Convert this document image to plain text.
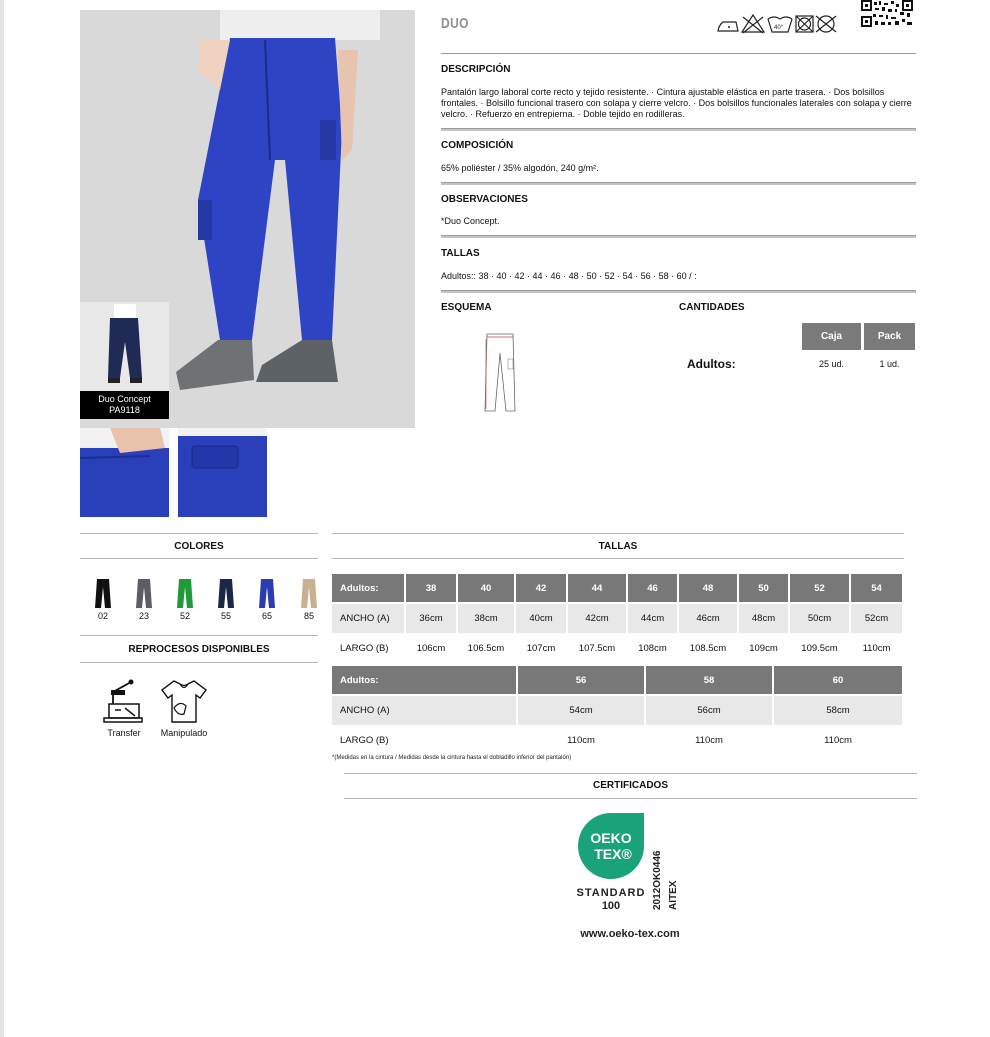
Duo Concept
PA9118
DUO	40°
DESCRIPCIÓN
Pantalón largo laboral corte recto y tejido resistente. · Cintura ajustable elástica en parte trasera. · Dos bolsillos frontales. · Bolsillo funcional trasero con solapa y cierre velcro. · Dos bolsillos funcionales laterales con solapa y cierre velcro. · Refuerzo en entrepierna. · Doble tejido en rodilleras.
COMPOSICIÓN
65% poliéster / 35% algodón, 240 g/m².
OBSERVACIONES
*Duo Concept.
TALLAS
Adultos:: 38 · 40 · 42 · 44 · 46 · 48 · 50 · 52 · 54 · 56 · 58 · 60 / :
ESQUEMA	CANTIDADES
Caja	Pack
Adultos:	25 ud.	1 ud.
COLORES
02	23	52	55	65	85
REPROCESOS DISPONIBLES
Transfer	Manipulado
TALLAS
Adultos:	38	40	42	44	46	48	50	52	54
ANCHO (A)	36cm	38cm	40cm	42cm	44cm	46cm	48cm	50cm	52cm
LARGO (B)	106cm	106.5cm	107cm	107.5cm	108cm	108.5cm	109cm	109.5cm	110cm
Adultos:	56	58	60
ANCHO (A)	54cm	56cm	58cm
LARGO (B)	110cm	110cm	110cm
*(Medidas en la cintura / Medidas desde la cintura hasta el dobladillo inferior del pantalón)
CERTIFICADOS
OEKO
TEX®
STANDARD
100	2012OK0446 AITEX
www.oeko-tex.com
